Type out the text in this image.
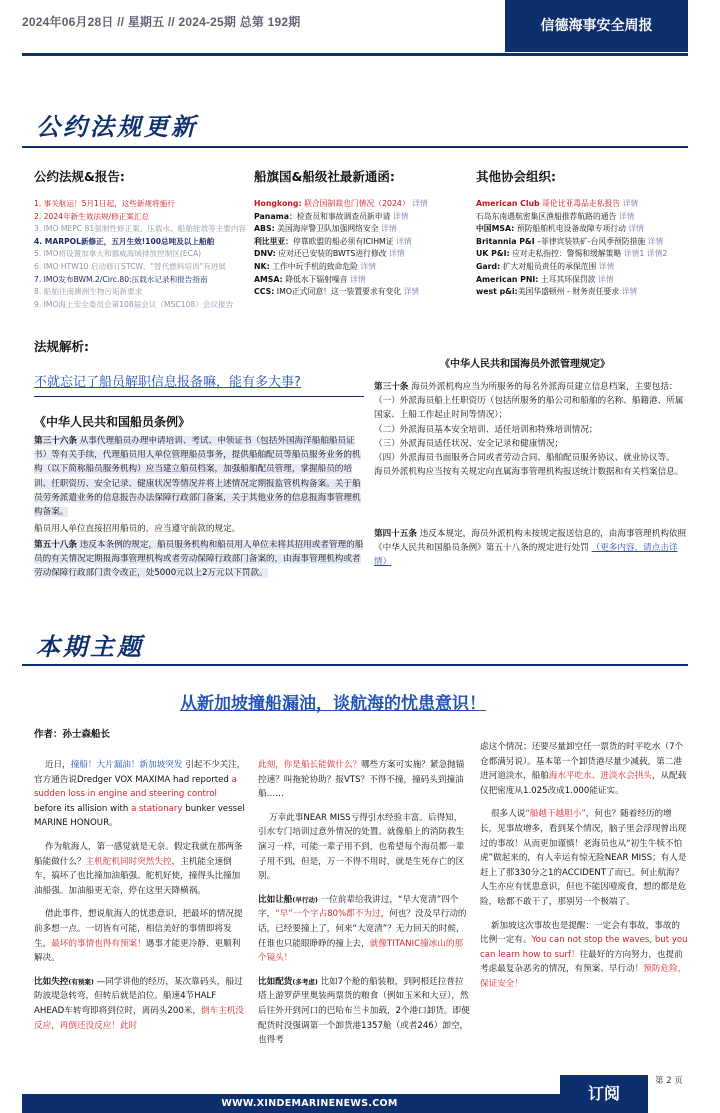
2024年06月28日 // 星期五 // 2024-25期 总第 192期	信德海事安全周报
公约法规更新
公约法规&报告:
1. 事关航运！5月1日起，这些新规将施行
2. 2024年新生效法规/修正案汇总
3. IMO MEPC 81强制性修正案、压载水、船舶能效等主要内容
4. MARPOL新修正，五月生效!100总吨及以上船舶
5. IMO将设置加拿大和挪威海域排放控制区(ECA)
6. IMO HTW10 启动修订STCW、"替代燃料培训"有进展
7. IMO发布BWM.2/Circ.80:压载水记录和报告指南
8. 船舶往南澳洲生物污垢新要求
9. IMO海上安全委员会第108届会议（MSC108）会议报告
船旗国&船级社最新通函:
Hongkong: 联合国制裁也门情况（2024） 详情
Panama：检查员和事故调查员新申请 详情
ABS: 美国海岸警卫队加强网络安全 详情
利比里亚：停靠欧盟的船必须有ICIHM证 详情
DNV: 应对还已安装的BWTS进行修改 详情
NK: 工作中玩手机的致命危险 详情
AMSA: 降低水下辐射噪音 详情
CCS: IMO正式同意！这一装置要求有变化 详情
其他协会组织:
American Club 哥伦比亚毒品走私报告 详情
石岛东南遇航密集区渔船推荐航路的通告 详情
中国MSA: 预防船舶机电设备故障专项行动 详情
Britannia P&I –菲律宾装铁矿-台风季预防措施 详情
UK P&I: 应对走私指控：警惕和缓解策略 详情1 详情2
Gard: 扩大对船员责任的承保范围 详情
American PNI: 土耳其环保罚款 详情
west p&i:美国华盛顿州 - 财务责任要求 详情
法规解析:
不就忘记了船员解职信息报备嘛，能有多大事?
《中华人民共和国船员条例》
第三十六条 从事代理船员办理申请培训、考试、申领证书（包括外国海洋船舶船员证书）等有关手续，代理船员用人单位管理船员事务，提供船舶配员等船员服务业务的机构（以下简称船员服务机构）应当建立船员档案，加强船舶配员管理，掌握船员的培训、任职资历、安全记录、健康状况等情况并将上述情况定期报监管机构备案。关于船员劳务派遣业务的信息报告办法保障行政部门备案，关于其他业务的信息报海事管理机构备案。
船员用人单位直接招用船员的，应当遵守前款的规定。
第五十八条 违反本条例的规定，船员服务机构和船员用人单位未将其招用或者管理的船员的有关情况定期报海事管理机构或者劳动保障行政部门备案的，由海事管理机构或者劳动保障行政部门责令改正，处5000元以上2万元以下罚款。
《中华人民共和国海员外派管理规定》
第三十条 海员外派机构应当为所服务的每名外派海员建立信息档案，主要包括：
（一）外派海员船上任职资历（包括所服务的船公司和船舶的名称、船籍港、所属国家、上船工作起止时间等情况）；
（二）外派海员基本安全培训、适任培训和特殊培训情况；
（三）外派海员适任状况、安全记录和健康情况；
（四）外派海员书面服务合同或者劳动合同、船舶配员服务协议、就业协议等。
海员外派机构应当按有关规定向直属海事管理机构报送统计数据和有关档案信息。
第四十五条 违反本规定，海员外派机构未按规定报送信息的，由海事管理机构依照《中华人民共和国船员条例》第五十八条的规定进行处罚 （更多内容，请点击详情）
本期主题
从新加坡撞船漏油，谈航海的忧患意识！
作者：孙士森船长

近日，撞船！大片漏油！新加坡突发 引起不少关注，官方通告说Dredger VOX MAXIMA had reported a sudden loss in engine and steering control before its allision with a stationary bunker vessel MARINE HONOUR。

作为航海人，第一感觉就是无奈。假定我就在那两条船能做什么？主机舵机同时突然失控，主机能全速倒车，搞坏了也比撞加油船强。舵机好使，撞得头比撞加油船强。加油船更无奈，停在这里天降横祸。

借此事件，想说航海人的忧患意识，把最坏的情况提前多想一点。一切皆有可能，相信美好的事情即将发生，最坏的事情也得有预案！遇事才能更冷静、更顺利解决。

比如失控(有预案) —同学讲他的经历，某次靠码头，船过防波堤急转弯，但转后就是泊位。船速4节HALF AHEAD车转弯即将到位时，离码头200米，倒车主机没反应，再倒还没反应！此时

此刻，你是船长能做什么？哪些方案可实施？紧急抛锚控速？叫拖轮协助？报VTS？不得不撞，撞码头到撞油船……

万幸此事NEAR MISS亏得引水经验丰富。后得知，引水专门培训过意外情况的处置。就像船上的消防救生演习一样，可能一辈子用不到，也希望每个海员都一辈子用不到，但是，万一不得不用时，就是生死存亡的区别。

比如让船(早行动) 一位前辈给我讲过，“早大宽清”四个字，“早”一个字占80%都不为过，何也？没及早行动的话，已经要撞上了，何来“大宽清”？无力回天的时候，任谁也只能眼睁睁的撞上去，就像TITANIC撞冰山的那个镜头！

比如配货(多考虑) 比如7个舱的船装粮，到阿根廷拉普拉塔上游罗萨里奥装两票货的粮食（例如玉米和大豆），然后往外开到河口的巴哈布兰卡加载，2个港口卸货。即便配货时没强调第一个卸货港1357舱（或者246）卸空，也得考

虑这个情况；还要尽量卸空任一票货的时平吃水（7个仓都满另说）。基本第一个卸货港尽量少减载，第二港进河道淡水，船舶海水平吃水、进淡水会拱头，从配载仪把密度从1.025改成1.000能证实。

很多人说“船越干越胆小”，何也？随着经历的增长，见事故增多，看到某个情况，脑子里会浮现曾出现过的事故！从而更加谨慎！老海员也从“初生牛犊不怕虎”做起来的，有人幸运有惊无险NEAR MISS；有人是赶上了那330分之1的ACCIDENT了而已。何止航海？人生亦应有忧患意识，但也不能因噎废食，想的都是危险，啥都不敢干了，那别另一个极端了。

新加坡这次事故也是提醒：一定会有事故，事故的比例一定有。You can not stop the waves, but you can learn how to surf！往最好的方向努力，也提前考虑最复杂恶劣的情况，有预案、早行动！预防危险，保证安全！

第 2 页
WWW.XINDEMARINENEWS.COM	订阅
